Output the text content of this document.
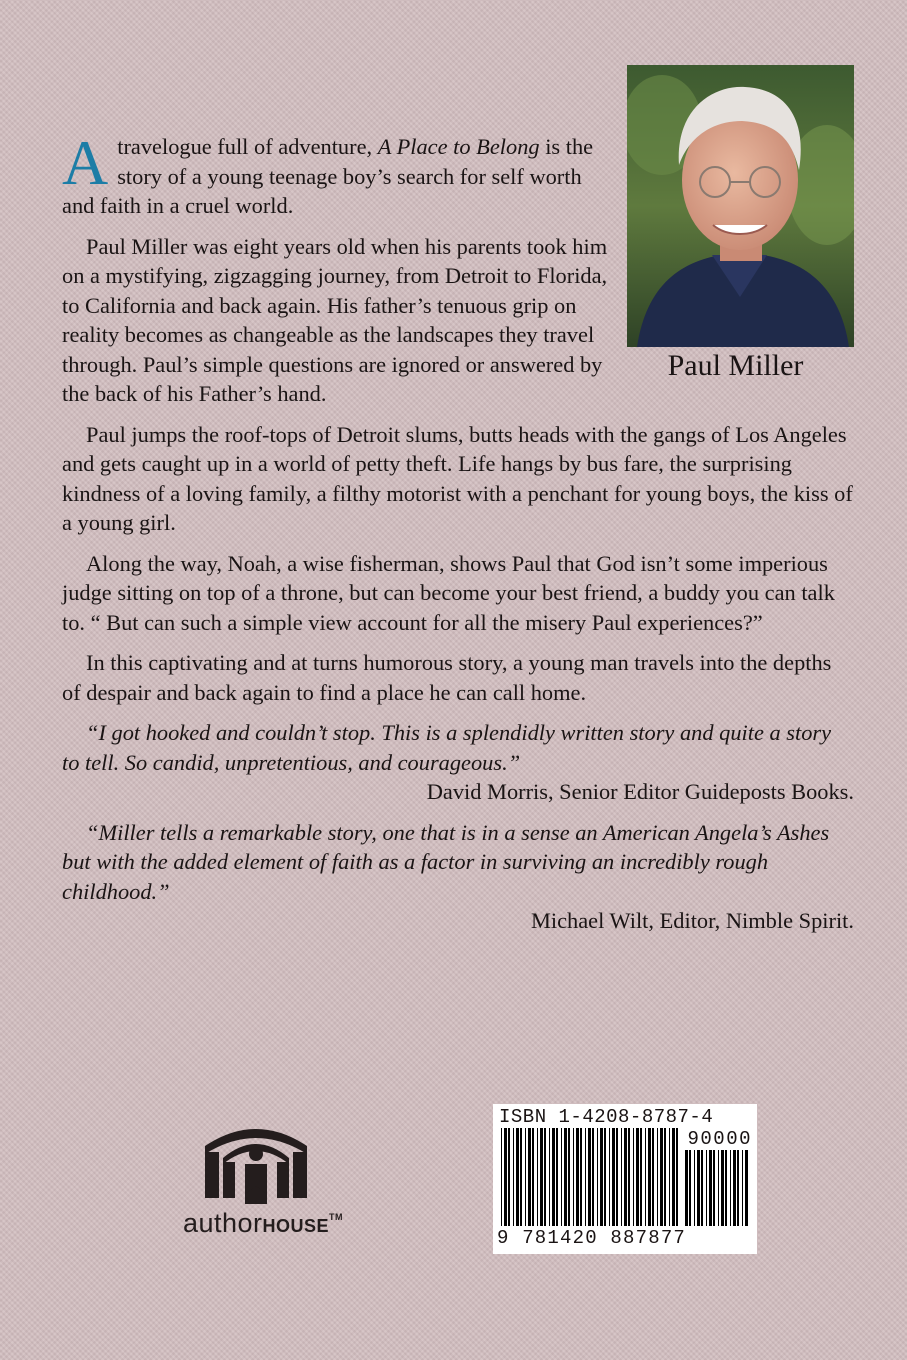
Paul Miller

Atravelogue full of adventure, A Place to Belong is the story of a young teenage boy’s search for self worth and faith in a cruel world.

Paul Miller was eight years old when his parents took him on a mystifying, zigzagging journey, from Detroit to Florida, to California and back again. His father’s tenuous grip on reality becomes as changeable as the landscapes they travel through. Paul’s simple questions are ignored or answered by the back of his Father’s hand.

Paul jumps the roof-tops of Detroit slums, butts heads with the gangs of Los Angeles and gets caught up in a world of petty theft. Life hangs by bus fare, the surprising kindness of a loving family, a filthy motorist with a penchant for young boys, the kiss of a young girl.

Along the way, Noah, a wise fisherman, shows Paul that God isn’t some imperious judge sitting on top of a throne, but can become your best friend, a buddy you can talk to. “ But can such a simple view account for all the misery Paul experiences?”

In this captivating and at turns humorous story, a young man travels into the depths of despair and back again to find a place he can call home.

“I got hooked and couldn’t stop. This is a splendidly written story and quite a story to tell. So candid, unpretentious, and courageous.”

David Morris, Senior Editor Guideposts Books.

“Miller tells a remarkable story, one that is in a sense an American Angela’s Ashes but with the added element of faith as a factor in surviving an incredibly rough childhood.”

Michael Wilt, Editor, Nimble Spirit.

authorHOUSE™
ISBN 1-4208-8787-4
90000
9 781420 887877
